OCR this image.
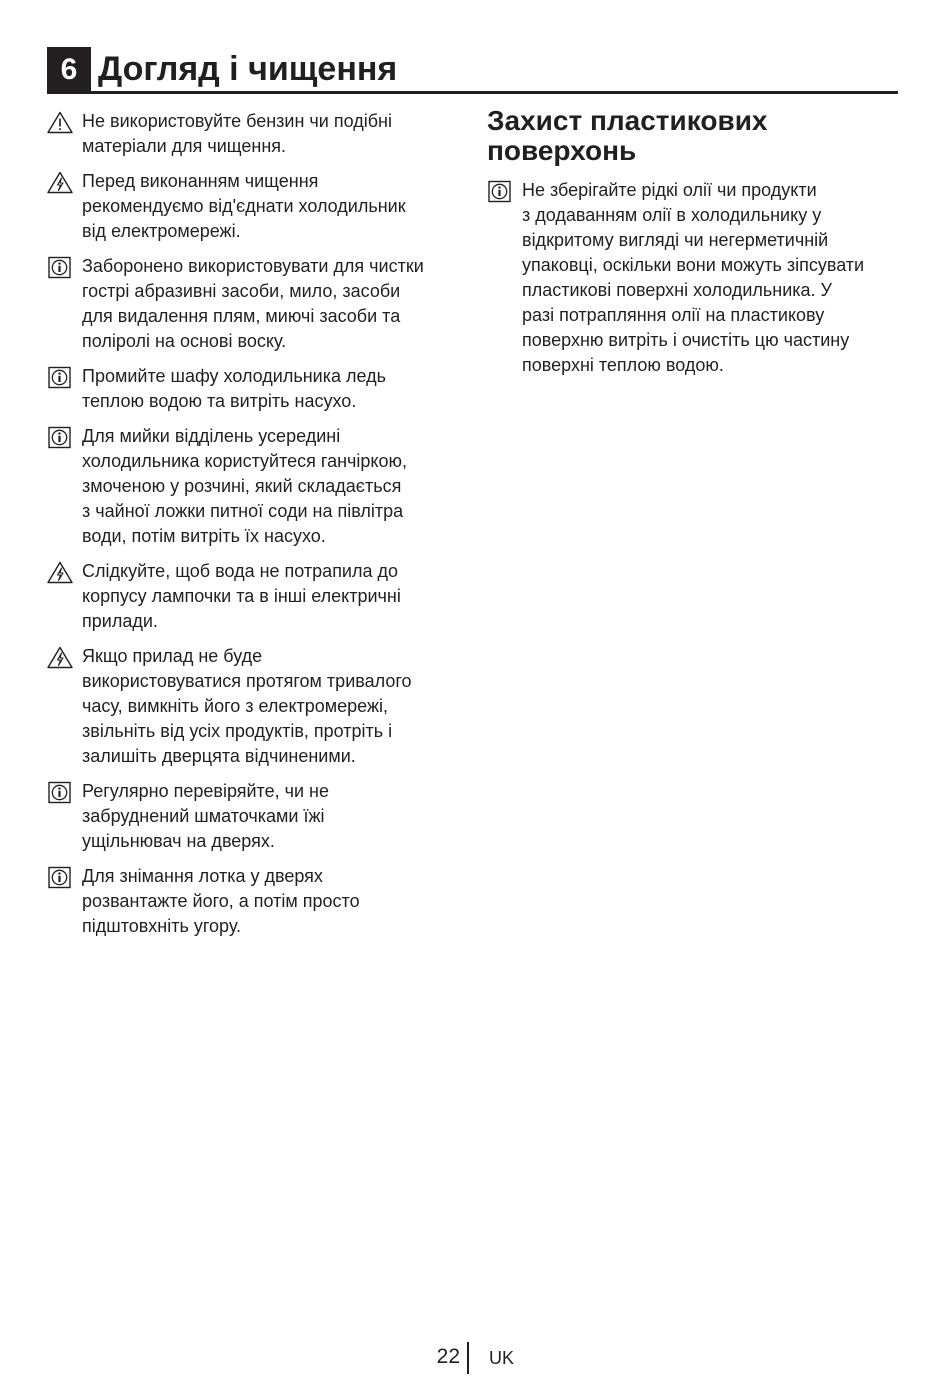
6 Догляд і чищення
Не використовуйте бензин чи подібні
матеріали для чищення.
Перед виконанням чищення
рекомендуємо від'єднати холодильник
від електромережі.
Заборонено використовувати для чистки
гострі абразивні засоби, мило, засоби
для видалення плям, миючі засоби та
поліролі на основі воску.
Промийте шафу холодильника ледь
теплою водою та витріть насухо.
Для мийки відділень усередині
холодильника користуйтеся ганчіркою,
змоченою у розчині, який складається
з чайної ложки питної соди на півлітра
води, потім витріть їх насухо.
Слідкуйте, щоб вода не потрапила до
корпусу лампочки та в інші електричні
прилади.
Якщо прилад не буде
використовуватися протягом тривалого
часу, вимкніть його з електромережі,
звільніть від усіх продуктів, протріть і
залишіть дверцята відчиненими.
Регулярно перевіряйте, чи не
забруднений шматочками їжі
ущільнювач на дверях.
Для знімання лотка у дверях
розвантажте його, а потім просто
підштовхніть угору.
Захист пластикових
поверхонь
Не зберігайте рідкі олії чи продукти
з додаванням олії в холодильнику у
відкритому вигляді чи негерметичній
упаковці, оскільки вони можуть зіпсувати
пластикові поверхні холодильника. У
разі потрапляння олії на пластикову
поверхню витріть і очистіть цю частину
поверхні теплою водою.
22 UK
